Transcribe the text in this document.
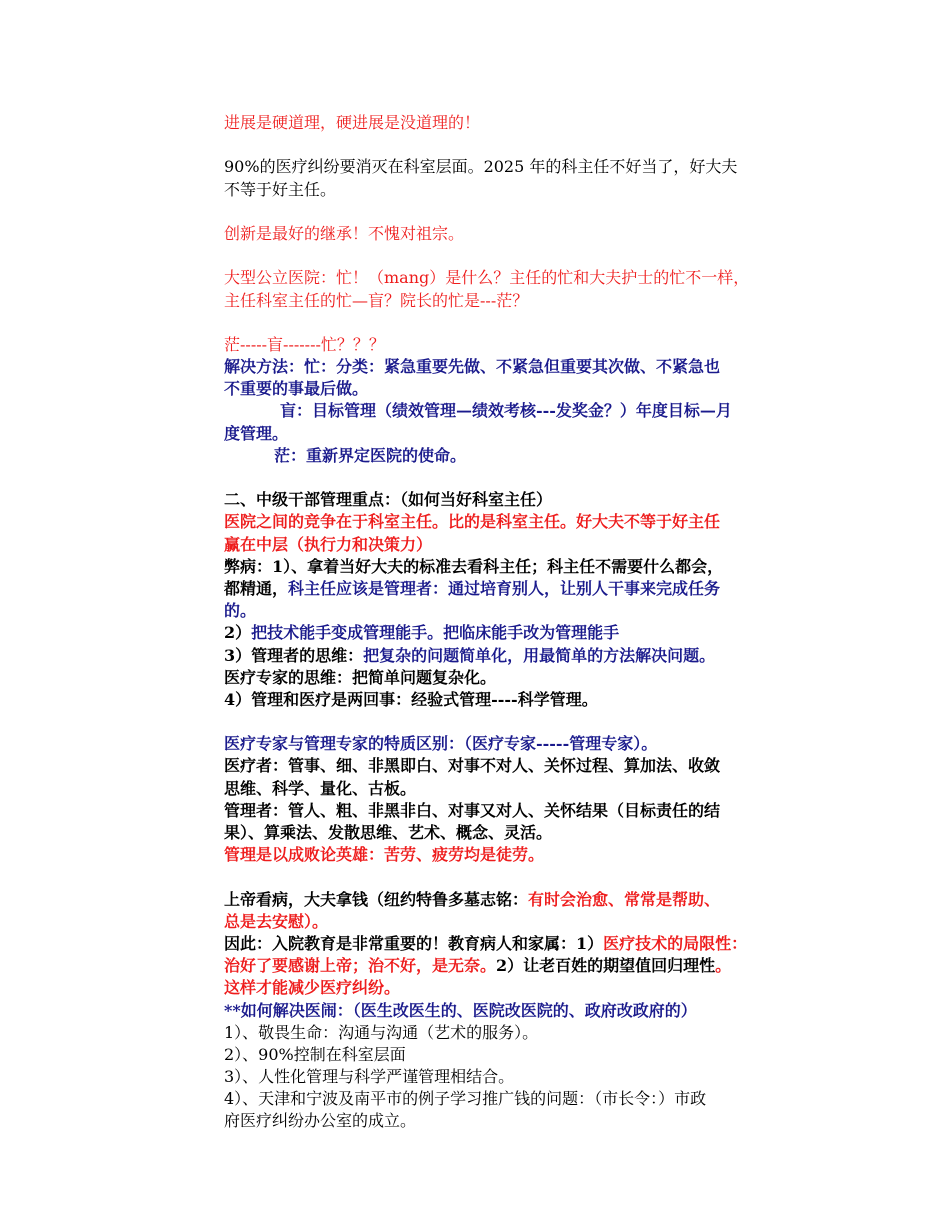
进展是硬道理，硬进展是没道理的！
90%的医疗纠纷要消灭在科室层面。2025 年的科主任不好当了，好大夫
不等于好主任。
创新是最好的继承！不愧对祖宗。
大型公立医院：忙！（mang）是什么？主任的忙和大夫护士的忙不一样，
主任科室主任的忙—盲？院长的忙是---茫？
茫-----盲-------忙？？？
解决方法：忙：分类：紧急重要先做、不紧急但重要其次做、不紧急也
不重要的事最后做。
盲：目标管理（绩效管理—绩效考核---发奖金？）年度目标—月
度管理。
茫：重新界定医院的使命。
二、中级干部管理重点：（如何当好科室主任）
医院之间的竞争在于科室主任。比的是科室主任。好大夫不等于好主任
赢在中层（执行力和决策力）
弊病：1）、拿着当好大夫的标准去看科主任；科主任不需要什么都会，
都精通，科主任应该是管理者：通过培育别人，让别人干事来完成任务
的。
2）把技术能手变成管理能手。把临床能手改为管理能手
3）管理者的思维：把复杂的问题简单化，用最简单的方法解决问题。
医疗专家的思维：把简单问题复杂化。
4）管理和医疗是两回事：经验式管理----科学管理。
医疗专家与管理专家的特质区别：（医疗专家-----管理专家）。
医疗者：管事、细、非黑即白、对事不对人、关怀过程、算加法、收敛
思维、科学、量化、古板。
管理者：管人、粗、非黑非白、对事又对人、关怀结果（目标责任的结
果）、算乘法、发散思维、艺术、概念、灵活。
管理是以成败论英雄：苦劳、疲劳均是徒劳。
上帝看病，大夫拿钱（纽约特鲁多墓志铭：有时会治愈、常常是帮助、
总是去安慰）。
因此：入院教育是非常重要的！教育病人和家属：1）医疗技术的局限性：
治好了要感谢上帝；治不好，是无奈。2）让老百姓的期望值回归理性。
这样才能减少医疗纠纷。
**如何解决医闹：（医生改医生的、医院改医院的、政府改政府的）
1）、敬畏生命：沟通与沟通（艺术的服务）。
2）、90%控制在科室层面
3）、人性化管理与科学严谨管理相结合。
4）、天津和宁波及南平市的例子学习推广钱的问题：（市长令：）市政
府医疗纠纷办公室的成立。
